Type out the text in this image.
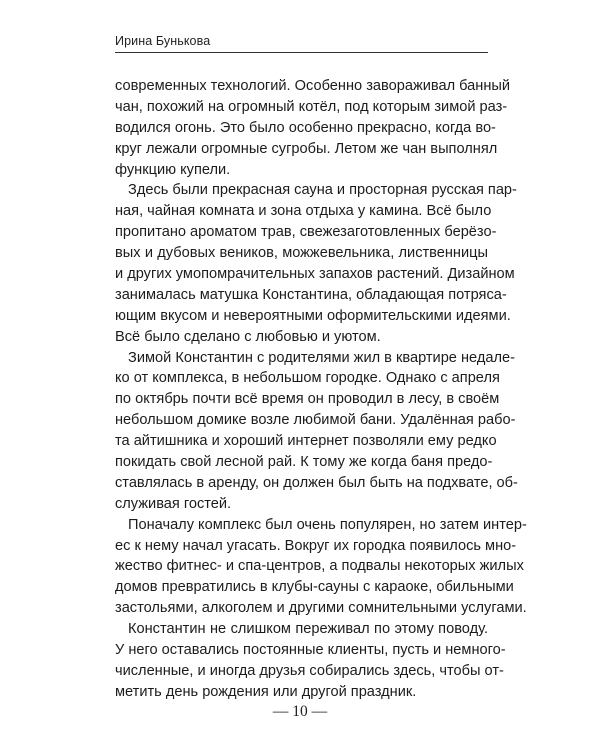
Ирина Бунькова
современных технологий. Особенно завораживал банный
чан, похожий на огромный котёл, под которым зимой раз-
водился огонь. Это было особенно прекрасно, когда во-
круг лежали огромные сугробы. Летом же чан выполнял
функцию купели.
Здесь были прекрасная сауна и просторная русская пар-
ная, чайная комната и зона отдыха у камина. Всё было
пропитано ароматом трав, свежезаготовленных берёзо-
вых и дубовых веников, можжевельника, лиственницы
и других умопомрачительных запахов растений. Дизайном
занималась матушка Константина, обладающая потряса-
ющим вкусом и невероятными оформительскими идеями.
Всё было сделано с любовью и уютом.
Зимой Константин с родителями жил в квартире недале-
ко от комплекса, в небольшом городке. Однако с апреля
по октябрь почти всё время он проводил в лесу, в своём
небольшом домике возле любимой бани. Удалённая рабо-
та айтишника и хороший интернет позволяли ему редко
покидать свой лесной рай. К тому же когда баня предо-
ставлялась в аренду, он должен был быть на подхвате, об-
служивая гостей.
Поначалу комплекс был очень популярен, но затем интер-
ес к нему начал угасать. Вокруг их городка появилось мно-
жество фитнес- и спа-центров, а подвалы некоторых жилых
домов превратились в клубы-сауны с караоке, обильными
застольями, алкоголем и другими сомнительными услугами.
Константин не слишком переживал по этому поводу.
У него оставались постоянные клиенты, пусть и немного-
численные, и иногда друзья собирались здесь, чтобы от-
метить день рождения или другой праздник.
— 10 —
